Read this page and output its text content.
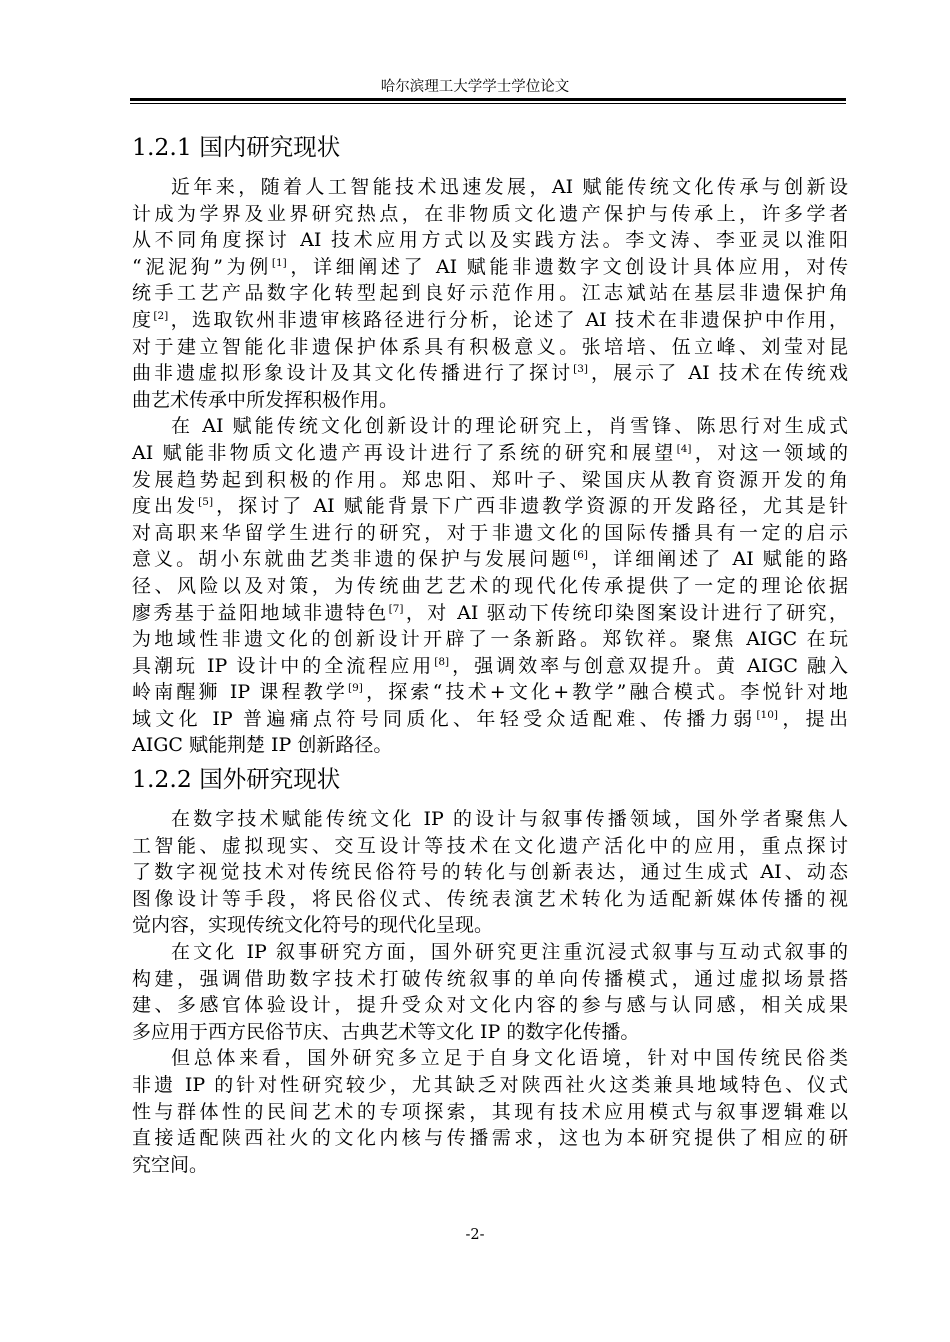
哈尔滨理工大学学士学位论文
1.2.1 国内研究现状
近年来，随着人工智能技术迅速发展，AI 赋能传统文化传承与创新设
计成为学界及业界研究热点，在非物质文化遗产保护与传承上，许多学者
从不同角度探讨 AI 技术应用方式以及实践方法。李文涛、李亚灵以淮阳
“泥泥狗”为例[1]，详细阐述了 AI 赋能非遗数字文创设计具体应用，对传
统手工艺产品数字化转型起到良好示范作用。江志斌站在基层非遗保护角
度[2]，选取钦州非遗审核路径进行分析，论述了 AI 技术在非遗保护中作用，
对于建立智能化非遗保护体系具有积极意义。张培培、伍立峰、刘莹对昆
曲非遗虚拟形象设计及其文化传播进行了探讨[3]，展示了 AI 技术在传统戏
曲艺术传承中所发挥积极作用。
在 AI 赋能传统文化创新设计的理论研究上，肖雪锋、陈思行对生成式
AI 赋能非物质文化遗产再设计进行了系统的研究和展望[4]，对这一领域的
发展趋势起到积极的作用。郑忠阳、郑叶子、梁国庆从教育资源开发的角
度出发[5]，探讨了 AI 赋能背景下广西非遗教学资源的开发路径，尤其是针
对高职来华留学生进行的研究，对于非遗文化的国际传播具有一定的启示
意义。胡小东就曲艺类非遗的保护与发展问题[6]，详细阐述了 AI 赋能的路
径、风险以及对策，为传统曲艺艺术的现代化传承提供了一定的理论依据
廖秀基于益阳地域非遗特色[7]，对 AI 驱动下传统印染图案设计进行了研究，
为地域性非遗文化的创新设计开辟了一条新路。郑钦祥。聚焦 AIGC 在玩
具潮玩 IP 设计中的全流程应用[8]，强调效率与创意双提升。黄 AIGC 融入
岭南醒狮 IP 课程教学[9]，探索“技术+文化+教学”融合模式。李悦针对地
域文化 IP 普遍痛点符号同质化、年轻受众适配难、传播力弱[10]，提出
AIGC 赋能荆楚 IP 创新路径。
1.2.2 国外研究现状
在数字技术赋能传统文化 IP 的设计与叙事传播领域，国外学者聚焦人
工智能、虚拟现实、交互设计等技术在文化遗产活化中的应用，重点探讨
了数字视觉技术对传统民俗符号的转化与创新表达，通过生成式 AI、动态
图像设计等手段，将民俗仪式、传统表演艺术转化为适配新媒体传播的视
觉内容，实现传统文化符号的现代化呈现。
在文化 IP 叙事研究方面，国外研究更注重沉浸式叙事与互动式叙事的
构建，强调借助数字技术打破传统叙事的单向传播模式，通过虚拟场景搭
建、多感官体验设计，提升受众对文化内容的参与感与认同感，相关成果
多应用于西方民俗节庆、古典艺术等文化 IP 的数字化传播。
但总体来看，国外研究多立足于自身文化语境，针对中国传统民俗类
非遗 IP 的针对性研究较少，尤其缺乏对陕西社火这类兼具地域特色、仪式
性与群体性的民间艺术的专项探索，其现有技术应用模式与叙事逻辑难以
直接适配陕西社火的文化内核与传播需求，这也为本研究提供了相应的研
究空间。
-2-
